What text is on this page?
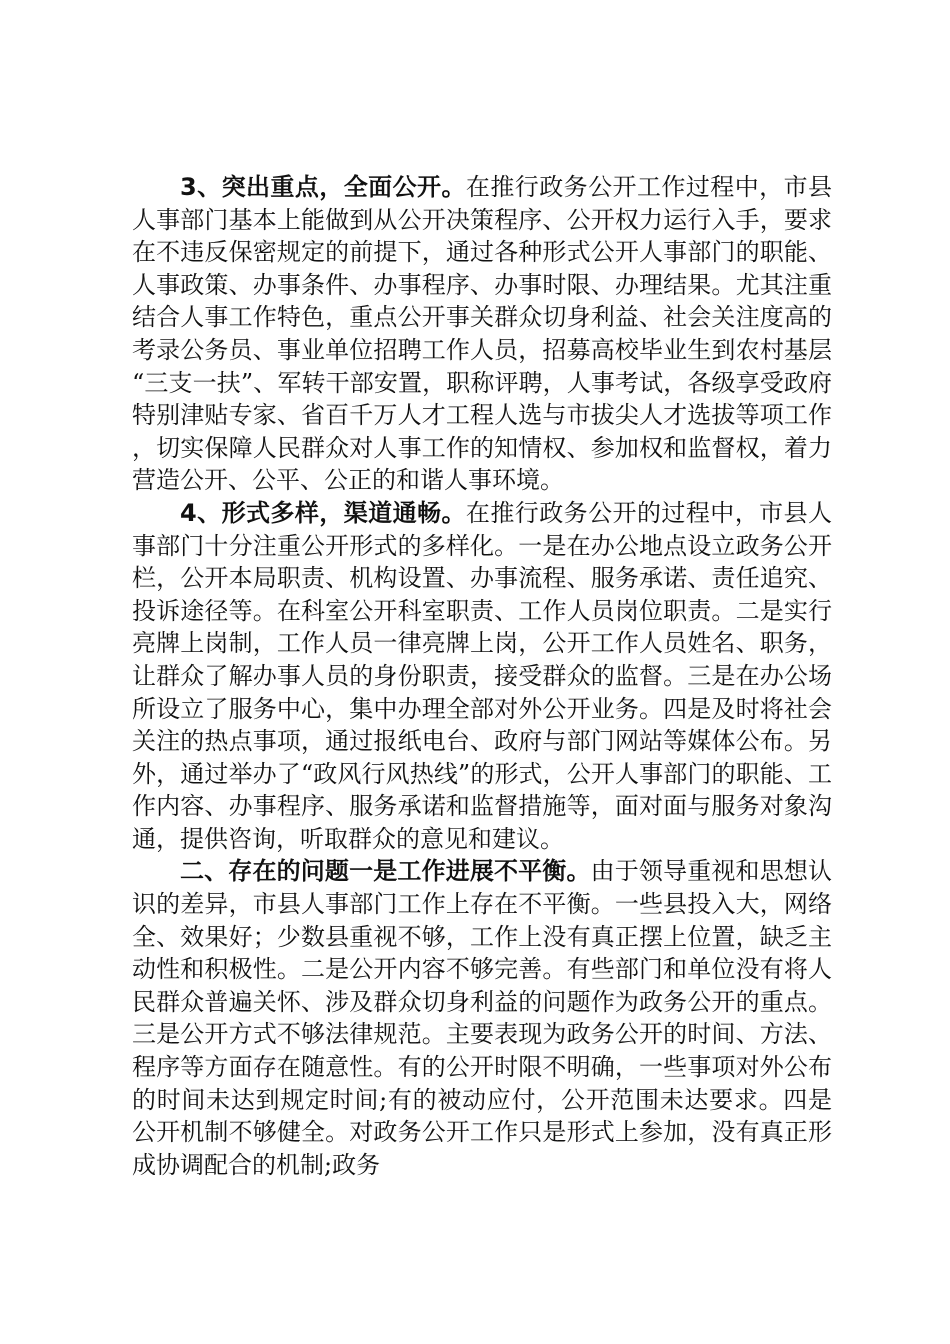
3、突出重点，全面公开。在推行政务公开工作过程中，市县人事部门基本上能做到从公开决策程序、公开权力运行入手，要求在不违反保密规定的前提下，通过各种形式公开人事部门的职能、人事政策、办事条件、办事程序、办事时限、办理结果。尤其注重结合人事工作特色，重点公开事关群众切身利益、社会关注度高的考录公务员、事业单位招聘工作人员，招募高校毕业生到农村基层“三支一扶”、军转干部安置，职称评聘，人事考试，各级享受政府特别津贴专家、省百千万人才工程人选与市拔尖人才选拔等项工作，切实保障人民群众对人事工作的知情权、参加权和监督权，着力营造公开、公平、公正的和谐人事环境。

4、形式多样，渠道通畅。在推行政务公开的过程中，市县人事部门十分注重公开形式的多样化。一是在办公地点设立政务公开栏，公开本局职责、机构设置、办事流程、服务承诺、责任追究、投诉途径等。在科室公开科室职责、工作人员岗位职责。二是实行亮牌上岗制，工作人员一律亮牌上岗，公开工作人员姓名、职务，让群众了解办事人员的身份职责，接受群众的监督。三是在办公场所设立了服务中心，集中办理全部对外公开业务。四是及时将社会关注的热点事项，通过报纸电台、政府与部门网站等媒体公布。另外，通过举办了“政风行风热线”的形式，公开人事部门的职能、工作内容、办事程序、服务承诺和监督措施等，面对面与服务对象沟通，提供咨询，听取群众的意见和建议。

二、存在的问题一是工作进展不平衡。由于领导重视和思想认识的差异，市县人事部门工作上存在不平衡。一些县投入大，网络全、效果好；少数县重视不够，工作上没有真正摆上位置，缺乏主动性和积极性。二是公开内容不够完善。有些部门和单位没有将人民群众普遍关怀、涉及群众切身利益的问题作为政务公开的重点。三是公开方式不够法律规范。主要表现为政务公开的时间、方法、程序等方面存在随意性。有的公开时限不明确，一些事项对外公布的时间未达到规定时间;有的被动应付，公开范围未达要求。四是公开机制不够健全。对政务公开工作只是形式上参加，没有真正形成协调配合的机制;政务
